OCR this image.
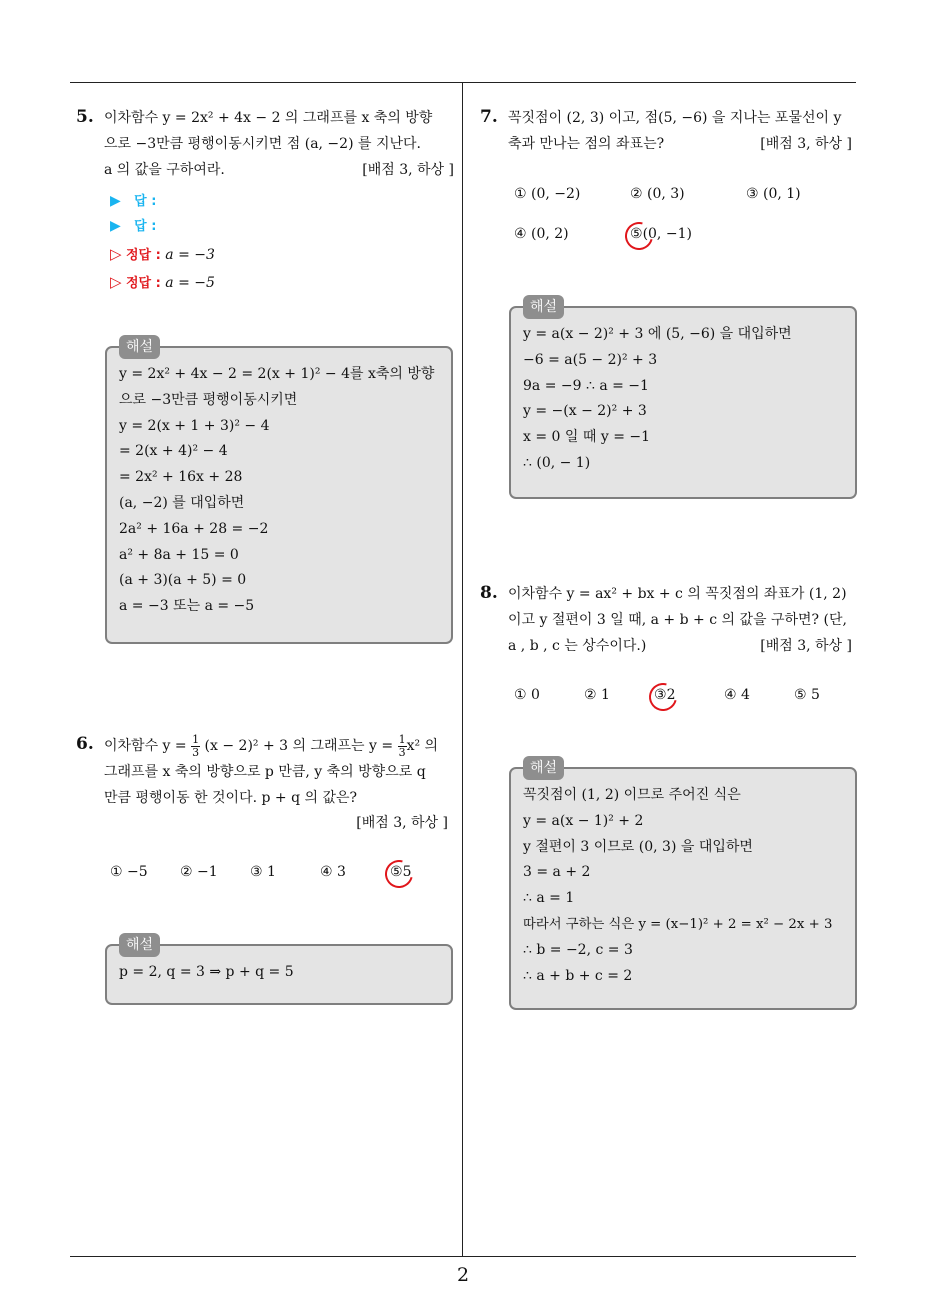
2
5. 이차함수 y = 2x² + 4x − 2 의 그래프를 x 축의 방향
으로 −3만큼 평행이동시키면 점 (a, −2) 를 지난다.
a 의 값을 구하여라.	[배점 3, 하상 ]
▶ 답 :
▶ 답 :
▷ 정답 : a = −3
▷ 정답 : a = −5
해설
y = 2x² + 4x − 2 = 2(x + 1)² − 4를 x축의 방향
으로 −3만큼 평행이동시키면
y = 2(x + 1 + 3)² − 4
= 2(x + 4)² − 4
= 2x² + 16x + 28
(a, −2) 를 대입하면
2a² + 16a + 28 = −2
a² + 8a + 15 = 0
(a + 3)(a + 5) = 0
a = −3 또는 a = −5
6. 이차함수 $y = \frac{1}{3} (x - 2)^2 + 3$ 의 그래프는 $y = \frac{1}{3} x^2$ 의
그래프를 x 축의 방향으로 p 만큼, y 축의 방향으로 q
만큼 평행이동 한 것이다. p + q 의 값은?
[배점 3, 하상 ]
① −5 ② −1 ③ 1	④ 3	⑤5
해설
p = 2, q = 3 ⇒ p + q = 5
7. 꼭짓점이 (2, 3) 이고, 점(5, −6) 을 지나는 포물선이 y
축과 만나는 점의 좌표는?	[배점 3, 하상 ]
① (0, −2)	② (0, 3)	③ (0, 1)
④ (0, 2)	⑤(0, −1)
해설
y = a(x − 2)² + 3 에 (5, −6) 을 대입하면
−6 = a(5 − 2)² + 3
9a = −9 ∴ a = −1
y = −(x − 2)² + 3
x = 0 일 때 y = −1
∴ (0, − 1)
8. 이차함수 y = ax² + bx + c 의 꼭짓점의 좌표가 (1, 2)
이고 y 절편이 3 일 때, a + b + c 의 값을 구하면? (단,
a , b , c 는 상수이다.)	[배점 3, 하상 ]
① 0	② 1	③2	④ 4	⑤ 5
해설
꼭짓점이 (1, 2) 이므로 주어진 식은
y = a(x − 1)² + 2
y 절편이 3 이므로 (0, 3) 을 대입하면
3 = a + 2
∴ a = 1
따라서 구하는 식은 y = (x−1)² + 2 = x² − 2x + 3
∴ b = −2, c = 3
∴ a + b + c = 2
